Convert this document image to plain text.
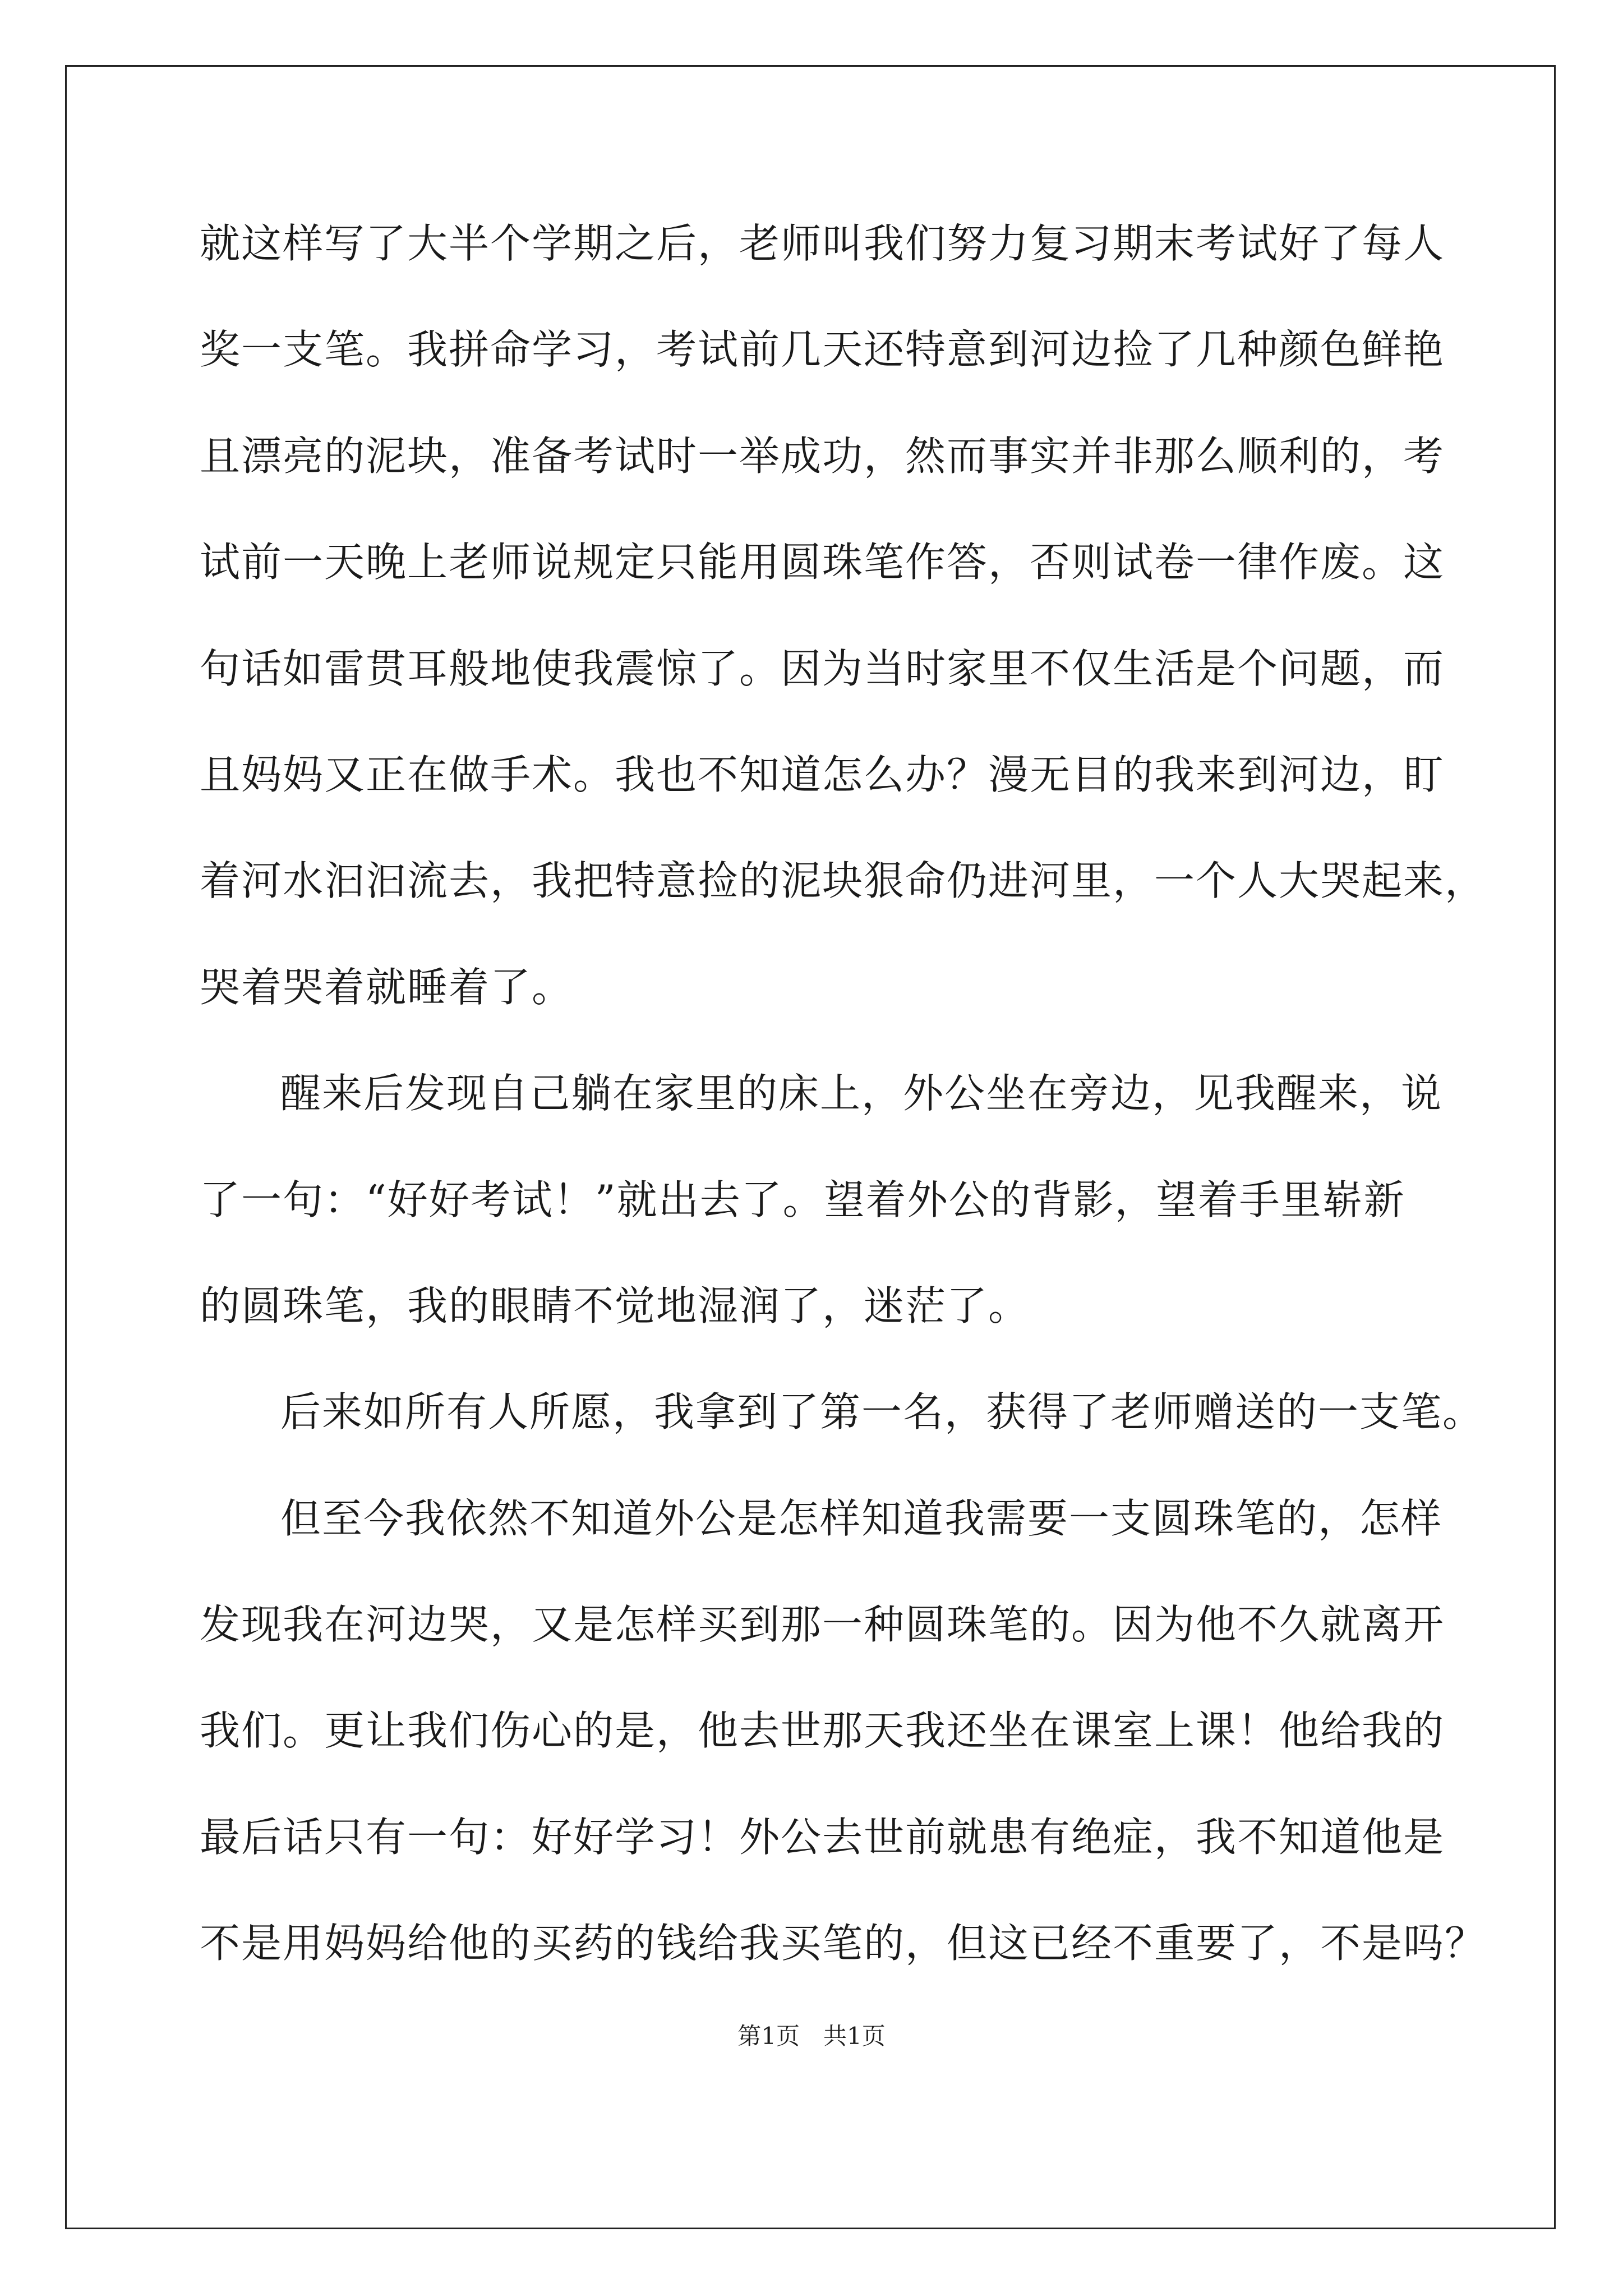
就这样写了大半个学期之后，老师叫我们努力复习期末考试好了每人
奖一支笔。我拼命学习，考试前几天还特意到河边捡了几种颜色鲜艳
且漂亮的泥块，准备考试时一举成功，然而事实并非那么顺利的，考
试前一天晚上老师说规定只能用圆珠笔作答，否则试卷一律作废。这
句话如雷贯耳般地使我震惊了。因为当时家里不仅生活是个问题，而
且妈妈又正在做手术。我也不知道怎么办？漫无目的我来到河边，盯
着河水汩汩流去，我把特意捡的泥块狠命仍进河里，一个人大哭起来，
哭着哭着就睡着了。
醒来后发现自己躺在家里的床上，外公坐在旁边，见我醒来，说
了一句：“好好考试！”就出去了。望着外公的背影，望着手里崭新
的圆珠笔，我的眼睛不觉地湿润了，迷茫了。
后来如所有人所愿，我拿到了第一名，获得了老师赠送的一支笔。
但至今我依然不知道外公是怎样知道我需要一支圆珠笔的，怎样
发现我在河边哭，又是怎样买到那一种圆珠笔的。因为他不久就离开
我们。更让我们伤心的是，他去世那天我还坐在课室上课！他给我的
最后话只有一句：好好学习！外公去世前就患有绝症，我不知道他是
不是用妈妈给他的买药的钱给我买笔的，但这已经不重要了，不是吗？
第1页　共1页
